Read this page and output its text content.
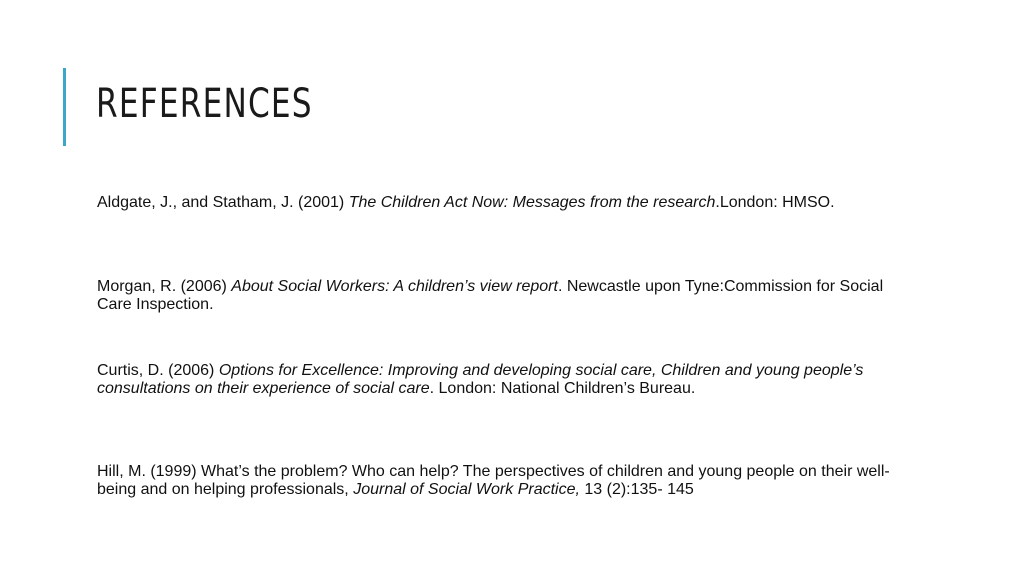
REFERENCES
Aldgate, J., and Statham, J. (2001) The Children Act Now: Messages from the research.London: HMSO.
Morgan, R. (2006) About Social Workers: A children’s view report. Newcastle upon Tyne:Commission for Social Care Inspection.
Curtis, D. (2006) Options for Excellence: Improving and developing social care, Children and young people’s consultations on their experience of social care. London: National Children’s Bureau.
Hill, M. (1999) What’s the problem? Who can help? The perspectives of children and young people on their well-being and on helping professionals, Journal of Social Work Practice, 13 (2):135- 145
